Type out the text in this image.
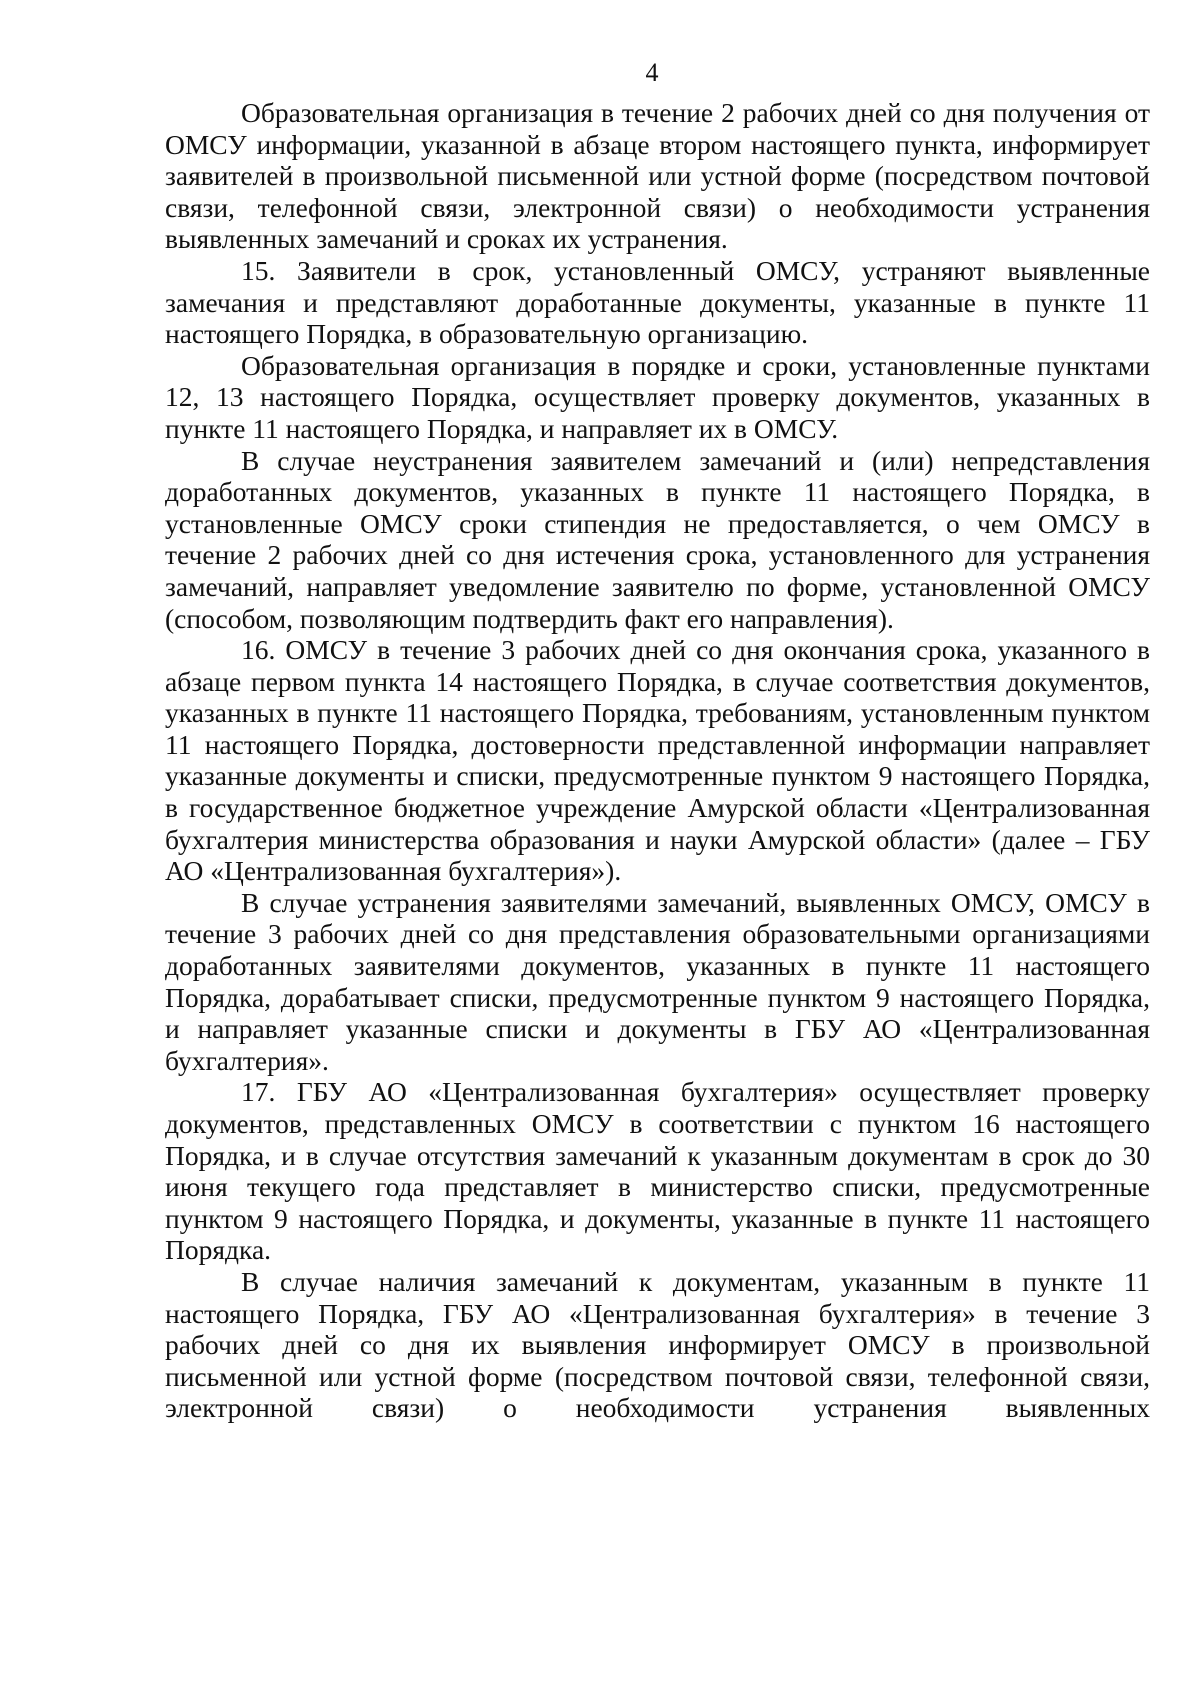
4

Образовательная организация в течение 2 рабочих дней со дня получения от ОМСУ информации, указанной в абзаце втором настоящего пункта, информирует заявителей в произвольной письменной или устной форме (посредством почтовой связи, телефонной связи, электронной связи) о необходимости устранения выявленных замечаний и сроках их устранения.

15. Заявители в срок, установленный ОМСУ, устраняют выявленные замечания и представляют доработанные документы, указанные в пункте 11 настоящего Порядка, в образовательную организацию.

Образовательная организация в порядке и сроки, установленные пунктами 12, 13 настоящего Порядка, осуществляет проверку документов, указанных в пункте 11 настоящего Порядка, и направляет их в ОМСУ.

В случае неустранения заявителем замечаний и (или) непредставления доработанных документов, указанных в пункте 11 настоящего Порядка, в установленные ОМСУ сроки стипендия не предоставляется, о чем ОМСУ в течение 2 рабочих дней со дня истечения срока, установленного для устранения замечаний, направляет уведомление заявителю по форме, установленной ОМСУ (способом, позволяющим подтвердить факт его направления).

16. ОМСУ в течение 3 рабочих дней со дня окончания срока, указанного в абзаце первом пункта 14 настоящего Порядка, в случае соответствия документов, указанных в пункте 11 настоящего Порядка, требованиям, установленным пунктом 11 настоящего Порядка, достоверности представленной информации направляет указанные документы и списки, предусмотренные пунктом 9 настоящего Порядка, в государственное бюджетное учреждение Амурской области «Централизованная бухгалтерия министерства образования и науки Амурской области» (далее – ГБУ АО «Централизованная бухгалтерия»).

В случае устранения заявителями замечаний, выявленных ОМСУ, ОМСУ в течение 3 рабочих дней со дня представления образовательными организациями доработанных заявителями документов, указанных в пункте 11 настоящего Порядка, дорабатывает списки, предусмотренные пунктом 9 настоящего Порядка, и направляет указанные списки и документы в ГБУ АО «Централизованная бухгалтерия».

17. ГБУ АО «Централизованная бухгалтерия» осуществляет проверку документов, представленных ОМСУ в соответствии с пунктом 16 настоящего Порядка, и в случае отсутствия замечаний к указанным документам в срок до 30 июня текущего года представляет в министерство списки, предусмотренные пунктом 9 настоящего Порядка, и документы, указанные в пункте 11 настоящего Порядка.

В случае наличия замечаний к документам, указанным в пункте 11 настоящего Порядка, ГБУ АО «Централизованная бухгалтерия» в течение 3 рабочих дней со дня их выявления информирует ОМСУ в произвольной письменной или устной форме (посредством почтовой связи, телефонной связи, электронной связи) о необходимости устранения выявленных
